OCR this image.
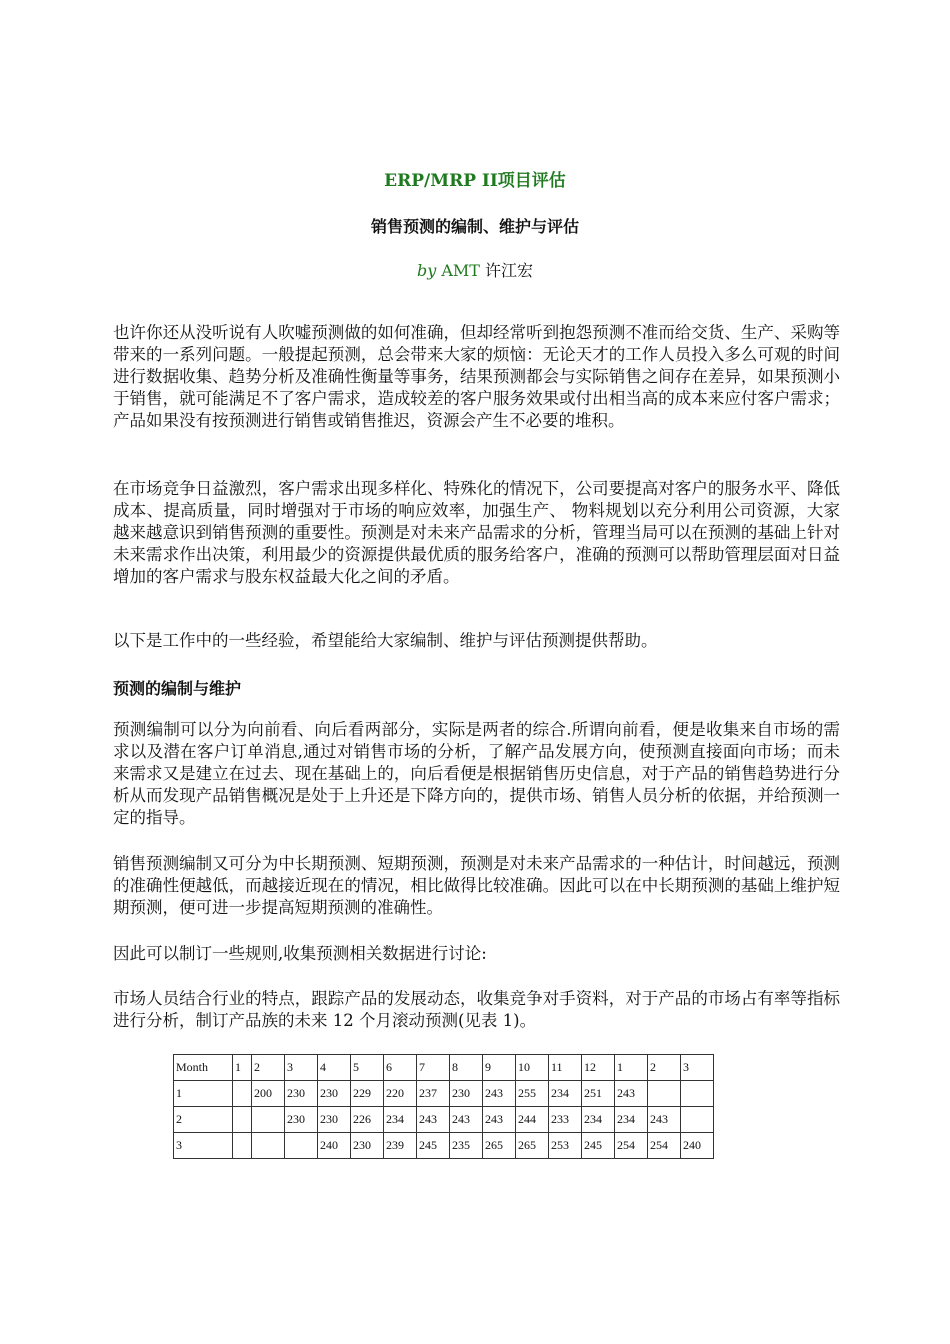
ERP/MRP II项目评估
销售预测的编制、维护与评估
by AMT 许江宏
也许你还从没听说有人吹嘘预测做的如何准确，但却经常听到抱怨预测不准而给交货、生产、采购等带来的一系列问题。一般提起预测，总会带来大家的烦恼：无论天才的工作人员投入多么可观的时间进行数据收集、趋势分析及准确性衡量等事务，结果预测都会与实际销售之间存在差异，如果预测小于销售，就可能满足不了客户需求，造成较差的客户服务效果或付出相当高的成本来应付客户需求；产品如果没有按预测进行销售或销售推迟，资源会产生不必要的堆积。
在市场竞争日益激烈，客户需求出现多样化、特殊化的情况下，公司要提高对客户的服务水平、降低成本、提高质量，同时增强对于市场的响应效率，加强生产、 物料规划以充分利用公司资源，大家越来越意识到销售预测的重要性。预测是对未来产品需求的分析，管理当局可以在预测的基础上针对未来需求作出决策，利用最少的资源提供最优质的服务给客户，准确的预测可以帮助管理层面对日益增加的客户需求与股东权益最大化之间的矛盾。
以下是工作中的一些经验，希望能给大家编制、维护与评估预测提供帮助。
预测的编制与维护
预测编制可以分为向前看、向后看两部分，实际是两者的综合.所谓向前看，便是收集来自市场的需求以及潜在客户订单消息,通过对销售市场的分析，了解产品发展方向，使预测直接面向市场；而未来需求又是建立在过去、现在基础上的，向后看便是根据销售历史信息，对于产品的销售趋势进行分析从而发现产品销售概况是处于上升还是下降方向的，提供市场、销售人员分析的依据，并给预测一定的指导。
销售预测编制又可分为中长期预测、短期预测，预测是对未来产品需求的一种估计，时间越远，预测的准确性便越低，而越接近现在的情况，相比做得比较准确。因此可以在中长期预测的基础上维护短期预测，便可进一步提高短期预测的准确性。
因此可以制订一些规则,收集预测相关数据进行讨论:
市场人员结合行业的特点，跟踪产品的发展动态，收集竞争对手资料，对于产品的市场占有率等指标进行分析，制订产品族的未来 12 个月滚动预测(见表 1)。
Month	1	2	3	4	5	6	7	8	9	10	11	12	1	2	3
1		200	230	230	229	220	237	230	243	255	234	251	243		
2			230	230	226	234	243	243	243	244	233	234	234	243	
3				240	230	239	245	235	265	265	253	245	254	254	240
